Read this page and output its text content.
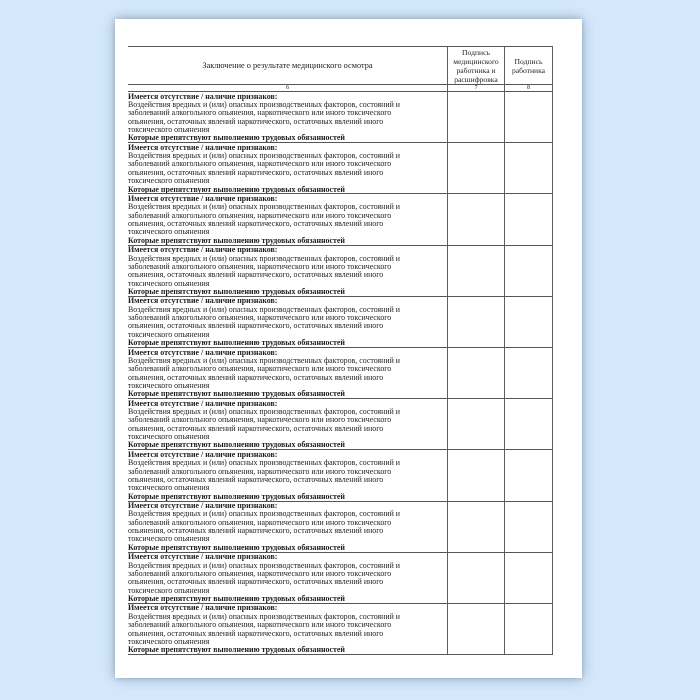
Заключение о результате медицинского осмотра
Подпись медицинского работника и расшифровка
Подпись работника
6	7	8
Имеется отсутствие / наличие признаков:
Воздействия вредных и (или) опасных производственных факторов, состояний и
заболеваний алкогольного опьянения, наркотического или иного токсического
опьянения, остаточных явлений наркотического, остаточных явлений иного
токсического опьянения
Которые препятствуют выполнению трудовых обязанностей
Имеется отсутствие / наличие признаков:
Воздействия вредных и (или) опасных производственных факторов, состояний и
заболеваний алкогольного опьянения, наркотического или иного токсического
опьянения, остаточных явлений наркотического, остаточных явлений иного
токсического опьянения
Которые препятствуют выполнению трудовых обязанностей
Имеется отсутствие / наличие признаков:
Воздействия вредных и (или) опасных производственных факторов, состояний и
заболеваний алкогольного опьянения, наркотического или иного токсического
опьянения, остаточных явлений наркотического, остаточных явлений иного
токсического опьянения
Которые препятствуют выполнению трудовых обязанностей
Имеется отсутствие / наличие признаков:
Воздействия вредных и (или) опасных производственных факторов, состояний и
заболеваний алкогольного опьянения, наркотического или иного токсического
опьянения, остаточных явлений наркотического, остаточных явлений иного
токсического опьянения
Которые препятствуют выполнению трудовых обязанностей
Имеется отсутствие / наличие признаков:
Воздействия вредных и (или) опасных производственных факторов, состояний и
заболеваний алкогольного опьянения, наркотического или иного токсического
опьянения, остаточных явлений наркотического, остаточных явлений иного
токсического опьянения
Которые препятствуют выполнению трудовых обязанностей
Имеется отсутствие / наличие признаков:
Воздействия вредных и (или) опасных производственных факторов, состояний и
заболеваний алкогольного опьянения, наркотического или иного токсического
опьянения, остаточных явлений наркотического, остаточных явлений иного
токсического опьянения
Которые препятствуют выполнению трудовых обязанностей
Имеется отсутствие / наличие признаков:
Воздействия вредных и (или) опасных производственных факторов, состояний и
заболеваний алкогольного опьянения, наркотического или иного токсического
опьянения, остаточных явлений наркотического, остаточных явлений иного
токсического опьянения
Которые препятствуют выполнению трудовых обязанностей
Имеется отсутствие / наличие признаков:
Воздействия вредных и (или) опасных производственных факторов, состояний и
заболеваний алкогольного опьянения, наркотического или иного токсического
опьянения, остаточных явлений наркотического, остаточных явлений иного
токсического опьянения
Которые препятствуют выполнению трудовых обязанностей
Имеется отсутствие / наличие признаков:
Воздействия вредных и (или) опасных производственных факторов, состояний и
заболеваний алкогольного опьянения, наркотического или иного токсического
опьянения, остаточных явлений наркотического, остаточных явлений иного
токсического опьянения
Которые препятствуют выполнению трудовых обязанностей
Имеется отсутствие / наличие признаков:
Воздействия вредных и (или) опасных производственных факторов, состояний и
заболеваний алкогольного опьянения, наркотического или иного токсического
опьянения, остаточных явлений наркотического, остаточных явлений иного
токсического опьянения
Которые препятствуют выполнению трудовых обязанностей
Имеется отсутствие / наличие признаков:
Воздействия вредных и (или) опасных производственных факторов, состояний и
заболеваний алкогольного опьянения, наркотического или иного токсического
опьянения, остаточных явлений наркотического, остаточных явлений иного
токсического опьянения
Которые препятствуют выполнению трудовых обязанностей
